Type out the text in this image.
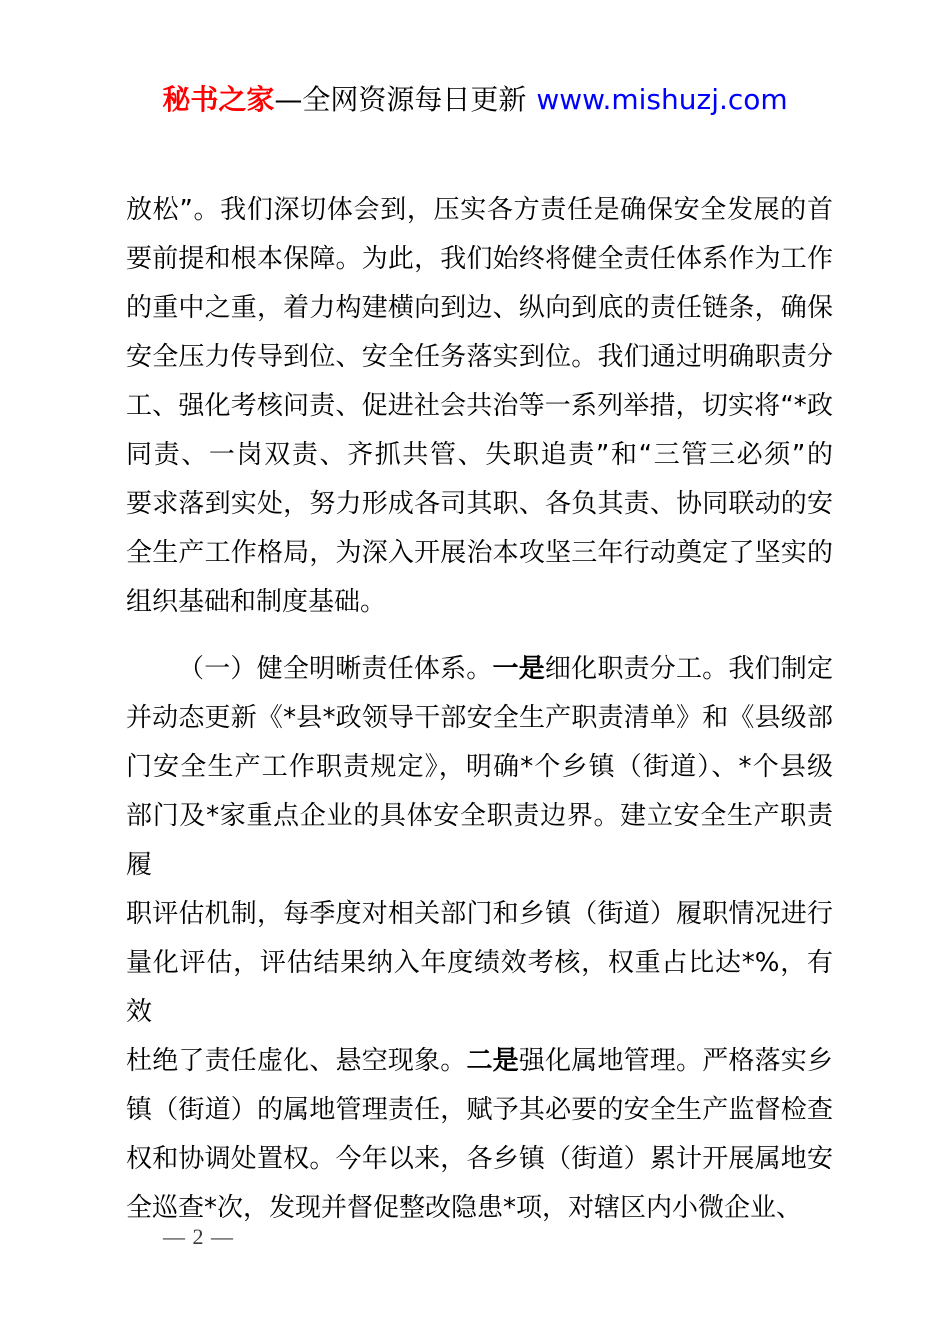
秘书之家—全网资源每日更新 www.mishuzj.com
放松”。我们深切体会到，压实各方责任是确保安全发展的首
要前提和根本保障。为此，我们始终将健全责任体系作为工作
的重中之重，着力构建横向到边、纵向到底的责任链条，确保
安全压力传导到位、安全任务落实到位。我们通过明确职责分
工、强化考核问责、促进社会共治等一系列举措，切实将“*政
同责、一岗双责、齐抓共管、失职追责”和“三管三必须”的
要求落到实处，努力形成各司其职、各负其责、协同联动的安
全生产工作格局，为深入开展治本攻坚三年行动奠定了坚实的
组织基础和制度基础。
（一）健全明晰责任体系。一是细化职责分工。我们制定
并动态更新《*县*政领导干部安全生产职责清单》和《县级部
门安全生产工作职责规定》，明确*个乡镇（街道）、*个县级
部门及*家重点企业的具体安全职责边界。建立安全生产职责履
职评估机制，每季度对相关部门和乡镇（街道）履职情况进行
量化评估，评估结果纳入年度绩效考核，权重占比达*%，有效
杜绝了责任虚化、悬空现象。二是强化属地管理。严格落实乡
镇（街道）的属地管理责任，赋予其必要的安全生产监督检查
权和协调处置权。今年以来，各乡镇（街道）累计开展属地安
全巡查*次，发现并督促整改隐患*项，对辖区内小微企业、
— 2 —
